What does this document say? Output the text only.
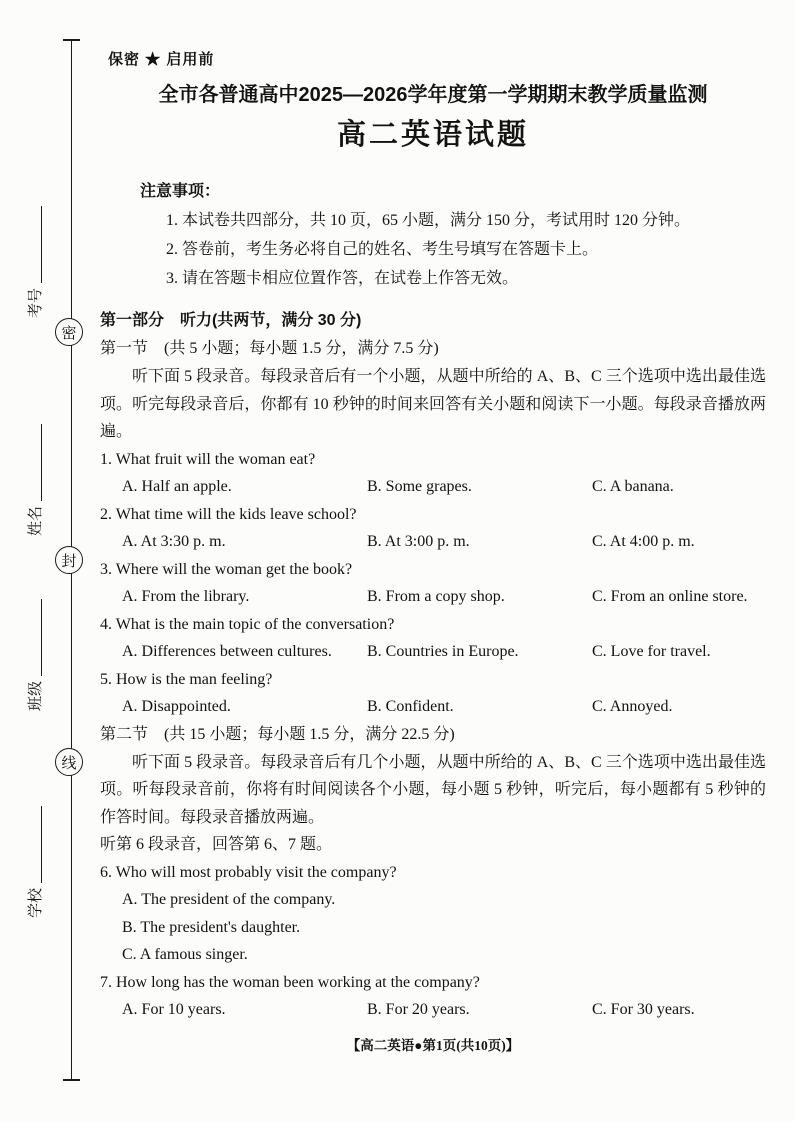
考号
密
姓名
封
班级
线
学校
保密 ★ 启用前
全市各普通高中2025—2026学年度第一学期期末教学质量监测
高二英语试题
注意事项：
1. 本试卷共四部分，共 10 页，65 小题，满分 150 分，考试用时 120 分钟。
2. 答卷前，考生务必将自己的姓名、考生号填写在答题卡上。
3. 请在答题卡相应位置作答，在试卷上作答无效。
第一部分　听力(共两节，满分 30 分)
第一节　(共 5 小题；每小题 1.5 分，满分 7.5 分)
听下面 5 段录音。每段录音后有一个小题，从题中所给的 A、B、C 三个选项中选出最佳选项。听完每段录音后，你都有 10 秒钟的时间来回答有关小题和阅读下一小题。每段录音播放两遍。
1. What fruit will the woman eat?
A. Half an apple.	B. Some grapes.	C. A banana.
2. What time will the kids leave school?
A. At 3:30 p. m.	B. At 3:00 p. m.	C. At 4:00 p. m.
3. Where will the woman get the book?
A. From the library.	B. From a copy shop.	C. From an online store.
4. What is the main topic of the conversation?
A. Differences between cultures.	B. Countries in Europe.	C. Love for travel.
5. How is the man feeling?
A. Disappointed.	B. Confident.	C. Annoyed.
第二节　(共 15 小题；每小题 1.5 分，满分 22.5 分)
听下面 5 段录音。每段录音后有几个小题，从题中所给的 A、B、C 三个选项中选出最佳选项。听每段录音前，你将有时间阅读各个小题，每小题 5 秒钟，听完后，每小题都有 5 秒钟的作答时间。每段录音播放两遍。
听第 6 段录音，回答第 6、7 题。
6. Who will most probably visit the company?
A. The president of the company.
B. The president's daughter.
C. A famous singer.
7. How long has the woman been working at the company?
A. For 10 years.	B. For 20 years.	C. For 30 years.
【高二英语●第1页(共10页)】
